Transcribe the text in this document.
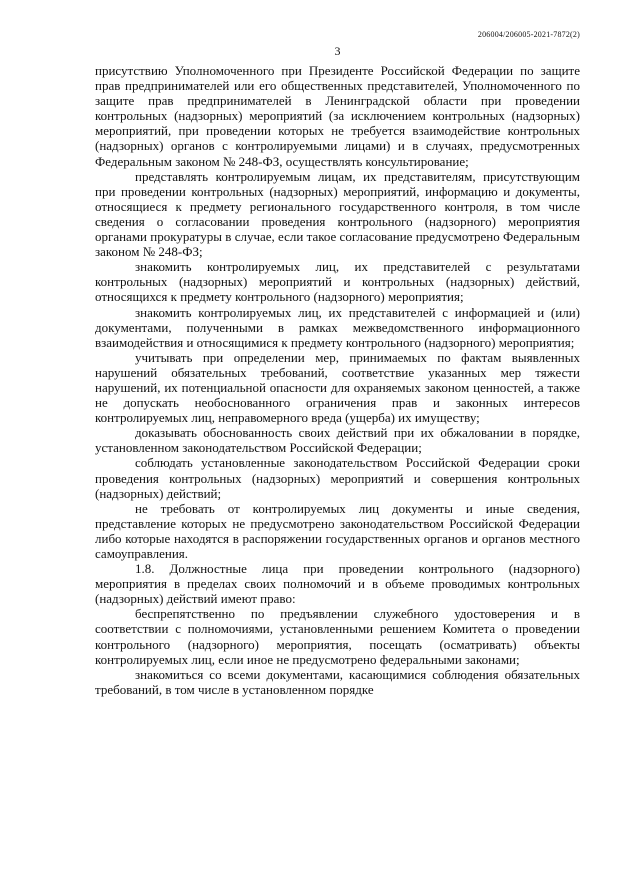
206004/206005-2021-7872(2)
3

присутствию Уполномоченного при Президенте Российской Федерации по защите прав предпринимателей или его общественных представителей, Уполномоченного по защите прав предпринимателей в Ленинградской области при проведении контрольных (надзорных) мероприятий (за исключением контрольных (надзорных) мероприятий, при проведении которых не требуется взаимодействие контрольных (надзорных) органов с контролируемыми лицами) и в случаях, предусмотренных Федеральным законом № 248-ФЗ, осуществлять консультирование;

представлять контролируемым лицам, их представителям, присутствующим при проведении контрольных (надзорных) мероприятий, информацию и документы, относящиеся к предмету регионального государственного контроля, в том числе сведения о согласовании проведения контрольного (надзорного) мероприятия органами прокуратуры в случае, если такое согласование предусмотрено Федеральным законом № 248-ФЗ;

знакомить контролируемых лиц, их представителей с результатами контрольных (надзорных) мероприятий и контрольных (надзорных) действий, относящихся к предмету контрольного (надзорного) мероприятия;

знакомить контролируемых лиц, их представителей с информацией и (или) документами, полученными в рамках межведомственного информационного взаимодействия и относящимися к предмету контрольного (надзорного) мероприятия;

учитывать при определении мер, принимаемых по фактам выявленных нарушений обязательных требований, соответствие указанных мер тяжести нарушений, их потенциальной опасности для охраняемых законом ценностей, а также не допускать необоснованного ограничения прав и законных интересов контролируемых лиц, неправомерного вреда (ущерба) их имуществу;

доказывать обоснованность своих действий при их обжаловании в порядке, установленном законодательством Российской Федерации;

соблюдать установленные законодательством Российской Федерации сроки проведения контрольных (надзорных) мероприятий и совершения контрольных (надзорных) действий;

не требовать от контролируемых лиц документы и иные сведения, представление которых не предусмотрено законодательством Российской Федерации либо которые находятся в распоряжении государственных органов и органов местного самоуправления.

1.8. Должностные лица при проведении контрольного (надзорного) мероприятия в пределах своих полномочий и в объеме проводимых контрольных (надзорных) действий имеют право:

беспрепятственно по предъявлении служебного удостоверения и в соответствии с полномочиями, установленными решением Комитета о проведении контрольного (надзорного) мероприятия, посещать (осматривать) объекты контролируемых лиц, если иное не предусмотрено федеральными законами;

знакомиться со всеми документами, касающимися соблюдения обязательных требований, в том числе в установленном порядке
